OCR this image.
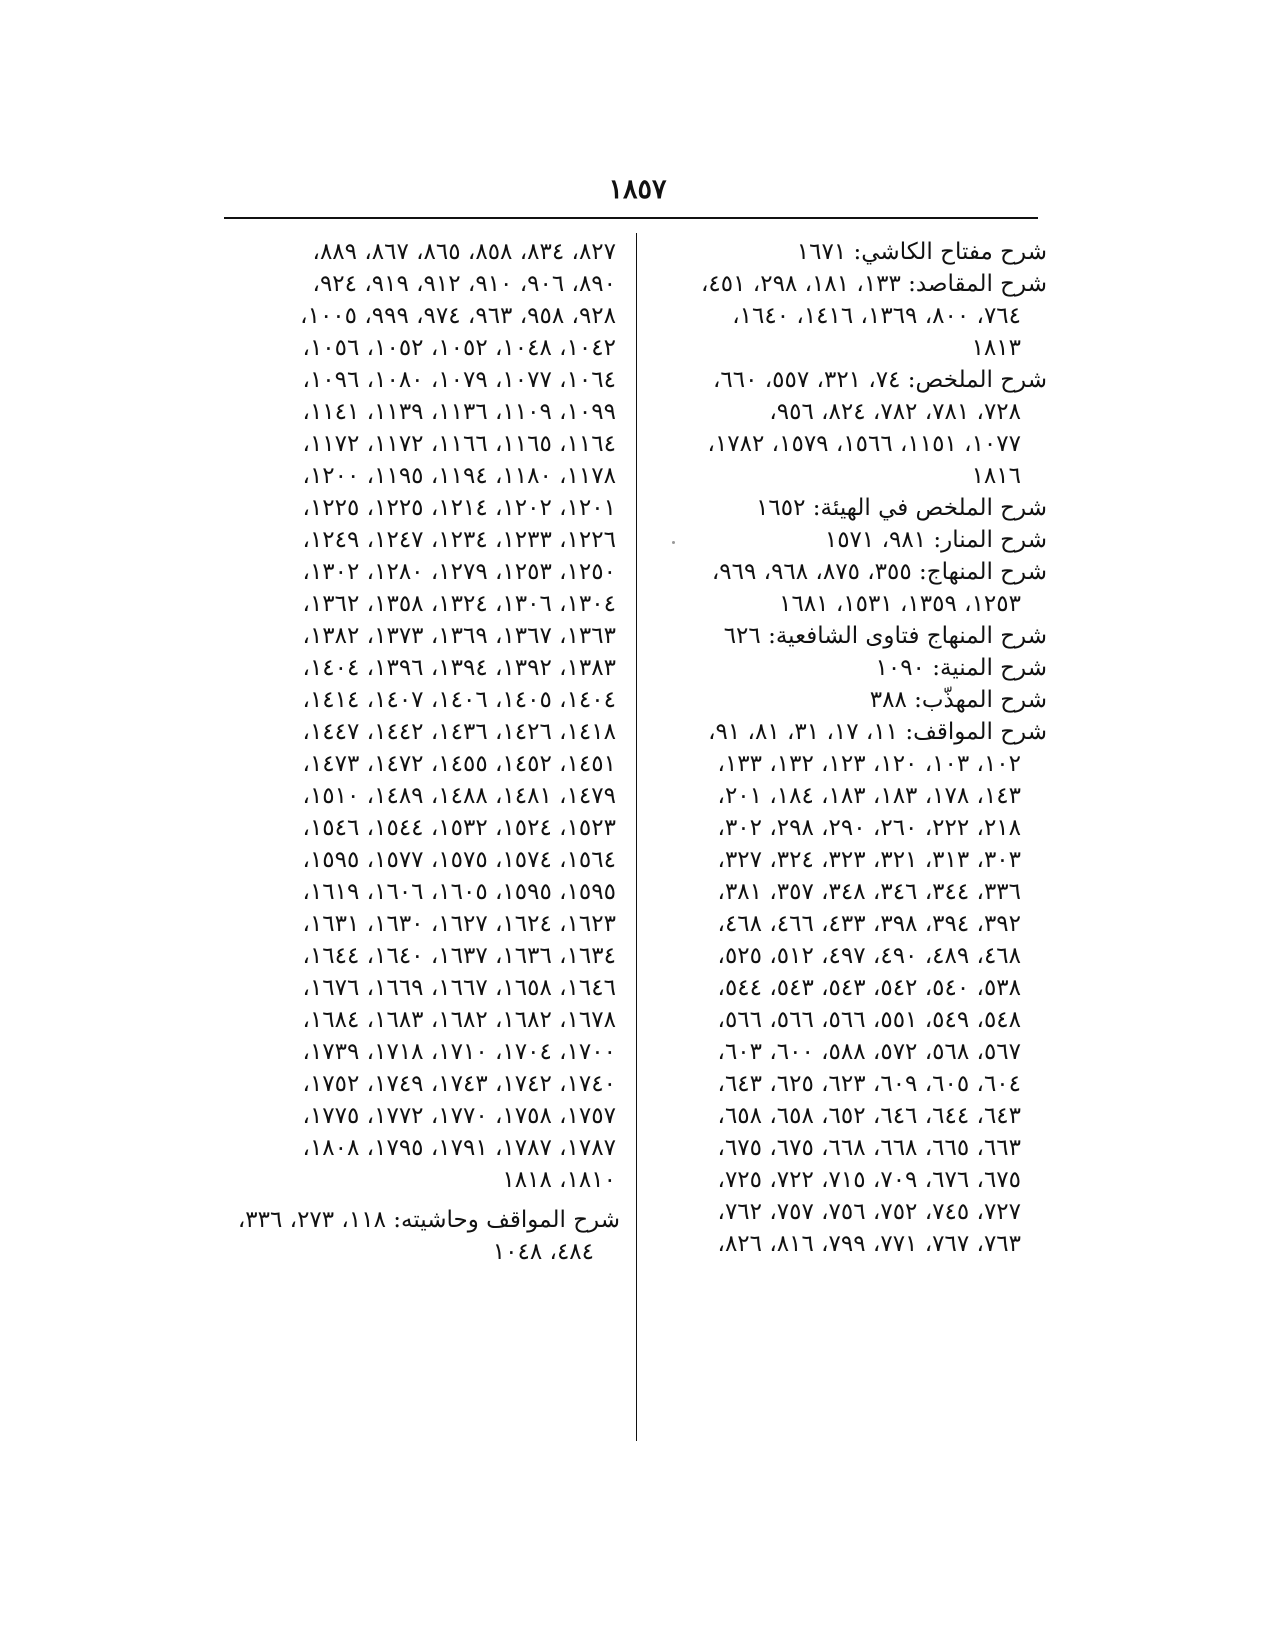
١٨٥٧
شرح مفتاح الكاشي: ١٦٧١
شرح المقاصد: ١٣٣، ١٨١، ٢٩٨، ٤٥١،
٧٦٤، ٨٠٠، ١٣٦٩، ١٤١٦، ١٦٤٠،
١٨١٣
شرح الملخص: ٧٤، ٣٢١، ٥٥٧، ٦٦٠،
٧٢٨، ٧٨١، ٧٨٢، ٨٢٤، ٩٥٦،
١٠٧٧، ١١٥١، ١٥٦٦، ١٥٧٩، ١٧٨٢،
١٨١٦
شرح الملخص في الهيئة: ١٦٥٢
شرح المنار: ٩٨١، ١٥٧١
شرح المنهاج: ٣٥٥، ٨٧٥، ٩٦٨، ٩٦٩،
١٢٥٣، ١٣٥٩، ١٥٣١، ١٦٨١
شرح المنهاج فتاوى الشافعية: ٦٢٦
شرح المنية: ١٠٩٠
شرح المهذّب: ٣٨٨
شرح المواقف: ١١، ١٧، ٣١، ٨١، ٩١،
١٠٢، ١٠٣، ١٢٠، ١٢٣، ١٣٢، ١٣٣،
١٤٣، ١٧٨، ١٨٣، ١٨٣، ١٨٤، ٢٠١،
٢١٨، ٢٢٢، ٢٦٠، ٢٩٠، ٢٩٨، ٣٠٢،
٣٠٣، ٣١٣، ٣٢١، ٣٢٣، ٣٢٤، ٣٢٧،
٣٣٦، ٣٤٤، ٣٤٦، ٣٤٨، ٣٥٧، ٣٨١،
٣٩٢، ٣٩٤، ٣٩٨، ٤٣٣، ٤٦٦، ٤٦٨،
٤٦٨، ٤٨٩، ٤٩٠، ٤٩٧، ٥١٢، ٥٢٥،
٥٣٨، ٥٤٠، ٥٤٢، ٥٤٣، ٥٤٣، ٥٤٤،
٥٤٨، ٥٤٩، ٥٥١، ٥٦٦، ٥٦٦، ٥٦٦،
٥٦٧، ٥٦٨، ٥٧٢، ٥٨٨، ٦٠٠، ٦٠٣،
٦٠٤، ٦٠٥، ٦٠٩، ٦٢٣، ٦٢٥، ٦٤٣،
٦٤٣، ٦٤٤، ٦٤٦، ٦٥٢، ٦٥٨، ٦٥٨،
٦٦٣، ٦٦٥، ٦٦٨، ٦٦٨، ٦٧٥، ٦٧٥،
٦٧٥، ٦٧٦، ٧٠٩، ٧١٥، ٧٢٢، ٧٢٥،
٧٢٧، ٧٤٥، ٧٥٢، ٧٥٦، ٧٥٧، ٧٦٢،
٧٦٣، ٧٦٧، ٧٧١، ٧٩٩، ٨١٦، ٨٢٦،
٨٢٧، ٨٣٤، ٨٥٨، ٨٦٥، ٨٦٧، ٨٨٩،
٨٩٠، ٩٠٦، ٩١٠، ٩١٢، ٩١٩، ٩٢٤،
٩٢٨، ٩٥٨، ٩٦٣، ٩٧٤، ٩٩٩، ١٠٠٥،
١٠٤٢، ١٠٤٨، ١٠٥٢، ١٠٥٢، ١٠٥٦،
١٠٦٤، ١٠٧٧، ١٠٧٩، ١٠٨٠، ١٠٩٦،
١٠٩٩، ١١٠٩، ١١٣٦، ١١٣٩، ١١٤١،
١١٦٤، ١١٦٥، ١١٦٦، ١١٧٢، ١١٧٢،
١١٧٨، ١١٨٠، ١١٩٤، ١١٩٥، ١٢٠٠،
١٢٠١، ١٢٠٢، ١٢١٤، ١٢٢٥، ١٢٢٥،
١٢٢٦، ١٢٣٣، ١٢٣٤، ١٢٤٧، ١٢٤٩،
١٢٥٠، ١٢٥٣، ١٢٧٩، ١٢٨٠، ١٣٠٢،
١٣٠٤، ١٣٠٦، ١٣٢٤، ١٣٥٨، ١٣٦٢،
١٣٦٣، ١٣٦٧، ١٣٦٩، ١٣٧٣، ١٣٨٢،
١٣٨٣، ١٣٩٢، ١٣٩٤، ١٣٩٦، ١٤٠٤،
١٤٠٤، ١٤٠٥، ١٤٠٦، ١٤٠٧، ١٤١٤،
١٤١٨، ١٤٢٦، ١٤٣٦، ١٤٤٢، ١٤٤٧،
١٤٥١، ١٤٥٢، ١٤٥٥، ١٤٧٢، ١٤٧٣،
١٤٧٩، ١٤٨١، ١٤٨٨، ١٤٨٩، ١٥١٠،
١٥٢٣، ١٥٢٤، ١٥٣٢، ١٥٤٤، ١٥٤٦،
١٥٦٤، ١٥٧٤، ١٥٧٥، ١٥٧٧، ١٥٩٥،
١٥٩٥، ١٥٩٥، ١٦٠٥، ١٦٠٦، ١٦١٩،
١٦٢٣، ١٦٢٤، ١٦٢٧، ١٦٣٠، ١٦٣١،
١٦٣٤، ١٦٣٦، ١٦٣٧، ١٦٤٠، ١٦٤٤،
١٦٤٦، ١٦٥٨، ١٦٦٧، ١٦٦٩، ١٦٧٦،
١٦٧٨، ١٦٨٢، ١٦٨٢، ١٦٨٣، ١٦٨٤،
١٧٠٠، ١٧٠٤، ١٧١٠، ١٧١٨، ١٧٣٩،
١٧٤٠، ١٧٤٢، ١٧٤٣، ١٧٤٩، ١٧٥٢،
١٧٥٧، ١٧٥٨، ١٧٧٠، ١٧٧٢، ١٧٧٥،
١٧٨٧، ١٧٨٧، ١٧٩١، ١٧٩٥، ١٨٠٨،
١٨١٠، ١٨١٨
شرح المواقف وحاشيته: ١١٨، ٢٧٣، ٣٣٦،
٤٨٤، ١٠٤٨
